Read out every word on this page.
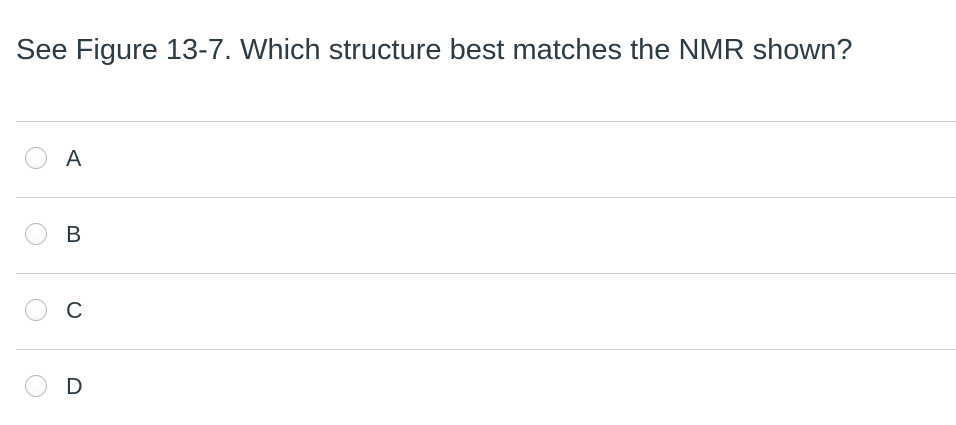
See Figure 13-7. Which structure best matches the NMR shown?
A
B
C
D
